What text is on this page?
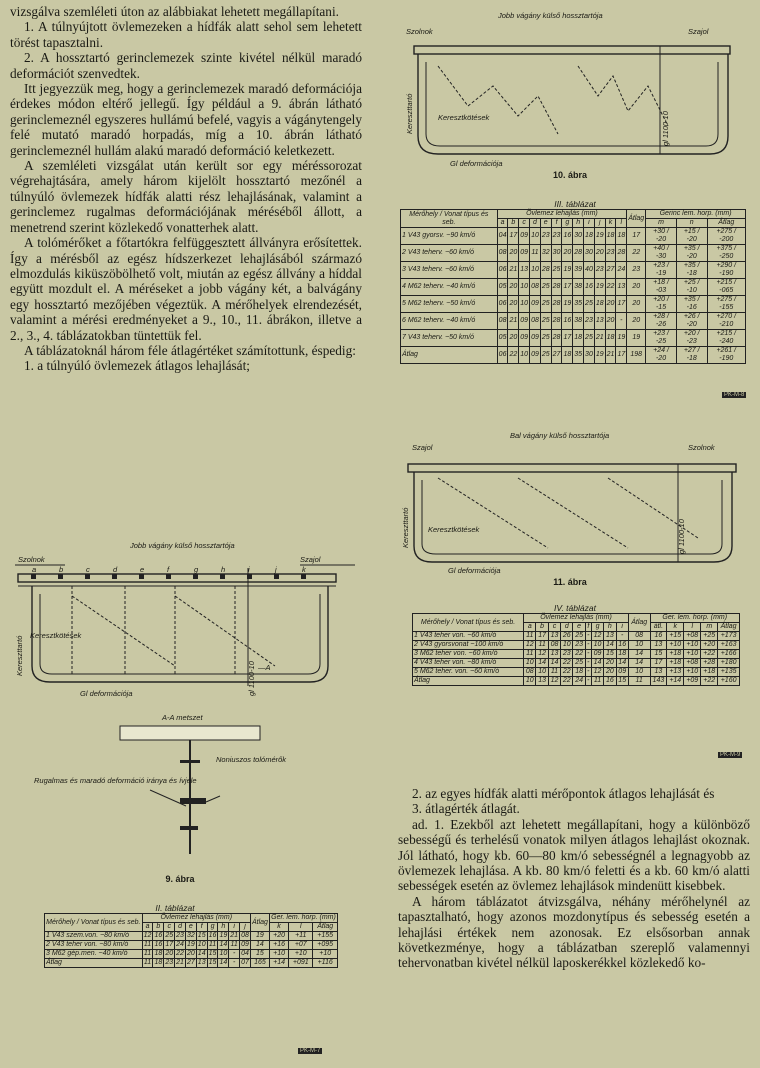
vizsgálva szemléleti úton az alábbiakat lehetett megállapítani.

1. A túlnyújtott övlemezeken a hídfák alatt sehol sem lehetett törést tapasztalni.

2. A hossztartó gerinclemezek szinte kivétel nélkül maradó deformációt szenvedtek.

Itt jegyezzük meg, hogy a gerinclemezek maradó deformációja érdekes módon eltérő jellegű. Így például a 9. ábrán látható gerinclemeznél egyszeres hullámú befelé, vagyis a vágánytengely felé mutató maradó horpadás, míg a 10. ábrán látható gerinclemeznél hullám alakú maradó deformáció keletkezett.

A szemléleti vizsgálat után került sor egy méréssorozat végrehajtására, amely három kijelölt hossztartó mezőnél a túlnyúló övlemezek hídfák alatti rész lehajlásának, valamint a gerinclemez rugalmas deformációjának méréséből állott, a menetrend szerint közlekedő vonatterhek alatt.

A tolómérőket a főtartókra felfüggesztett állványra erősítettek. Így a mérésből az egész hídszerkezet lehajlásából származó elmozdulás kiküszöbölhető volt, miután az egész állvány a híddal együtt mozdult el. A méréseket a jobb vágány két, a balvágány egy hossztartó mezőjében végeztük. A mérőhelyek elrendezését, valamint a mérési eredményeket a 9., 10., 11. ábrákon, illetve a 2., 3., 4. táblázatokban tüntettük fel.

A táblázatoknál három féle átlagértéket számítottunk, éspedig:

1. a túlnyúló övlemezek átlagos lehajlását;

Jobb vágány külső hossztartója
Szolnok	Szajol
a	b	c	d	e	f	g	h	i	j	k
gl 1100-10
Kereszttartó
Keresztkötések
Gl deformációja
—A
A-A metszet
Noniuszos tolómérők
Rugalmas és maradó deformáció iránya és ívjele
9. ábra
II. táblázat
Mérőhely / Vonat típus és seb.	Övlemez lehajlás (mm)										Átlag	Ger. lem. horp. (mm)		
	a	b	c	d	e	f	g	h	i	j		k	l	Átlag
1 V43 szem.von. ~80 km/ó	12	16	25	23	32	15	16	19	21	08	19	+20	+11	+155
2 V43 teher von. ~80 km/ó	11	16	17	24	19	10	11	14	11	09	14	+16	+07	+095
3 M62 gép.men. ~40 km/ó	11	18	20	22	20	14	15	10	-	04	15	+10	+10	+10
Átlag	11	18	23	21	27	13	15	14	-	07	165	+14	+091	+116
PK-M-7
Jobb vágány külső hossztartója
Szolnok	Szajol
gl 1100-10
Kereszttartó	Keresztkötések
Gl deformációja
10. ábra
III. táblázat
Mérőhely / Vonat típus és seb.	Övlemez lehajlás (mm)												Átlag	Gerinc lem. horp. (mm)		
	a	b	c	d	e	f	g	h	i	j	k	l		m	n	Átlag
1 V43 gyorsv. ~90 km/ó	04	17	09	10	23	23	16	30	18	19	18	18	17	+30 / -20	+15 / -20	+275 / -200
2 V43 teherv. ~60 km/ó	08	20	09	11	32	30	20	28	30	20	23	28	22	+40 / -30	+35 / -20	+375 / -250
3 V43 teherv. ~60 km/ó	06	21	13	10	28	25	19	39	40	23	27	24	23	+23 / -19	+35 / -18	+290 / -190
4 M62 teherv. ~40 km/ó	05	20	10	08	25	28	17	38	16	19	22	13	20	+18 / -03	+25 / -10	+215 / -065
5 M62 teherv. ~50 km/ó	06	20	10	09	25	28	19	35	25	18	20	17	20	+20 / -15	+35 / -16	+275 / -155
6 M62 teherv. ~40 km/ó	08	21	09	08	25	28	16	38	23	13	20	-	20	+28 / -26	+26 / -20	+270 / -210
7 V43 teherv. ~50 km/ó	05	20	09	09	25	28	17	18	25	21	18	19	19	+23 / -25	+20 / -23	+215 / -240
Átlag	06	22	10	09	25	27	18	35	30	19	21	17	198	+24 / -20	+27 / -18	+261 / -190
PK-M-8
Bal vágány külső hossztartója
Szajol	Szolnok
gl 1100-10
Kereszttartó Keresztkötések
Gl deformációja
11. ábra
IV. táblázat
Mérőhely / Vonat típus és seb.	Övlemez lehajlás (mm)									Átlag	Ger. lem. horp. (mm)				
	a	b	c	d	e	f	g	h	i		átl.	k	l	m	Átlag
1 V43 teher von. ~60 km/ó	11	17	13	26	25	-	12	13	-	08	16	+15	+08	+25	+173
2 V43 gyorsvonat ~100 km/ó	12	11	08	10	23	-	10	14	16	10	13	+10	+10	+20	+163
3 M62 teher von. ~60 km/ó	11	12	13	23	22	-	09	15	18	14	15	+18	+10	+22	+166
4 V43 teher von. ~80 km/ó	10	14	14	22	25	-	14	20	14	14	17	+18	+08	+28	+180
5 M62 teher. von. ~60 km/ó	08	10	11	22	18	-	12	20	09	10	13	+13	+10	+18	+135
Átlag	10	13	12	22	24	-	11	16	15	11	143	+14	+09	+22	+160
PK-M-9

2. az egyes hídfák alatti mérőpontok átlagos lehajlását és

3. átlagérték átlagát.

ad. 1. Ezekből azt lehetett megállapítani, hogy a különböző sebességű és terhelésű vonatok milyen átlagos lehajlást okoznak. Jól látható, hogy kb. 60—80 km/ó sebességnél a legnagyobb az övlemezek lehajlása. A kb. 80 km/ó feletti és a kb. 60 km/ó alatti sebességek esetén az övlemez lehajlások mindenütt kisebbek.

A három táblázatot átvizsgálva, néhány mérőhelynél az tapasztalható, hogy azonos mozdonytípus és sebesség esetén a lehajlási értékek nem azonosak. Ez elsősorban annak következménye, hogy a táblázatban szereplő valamennyi tehervonatban kivétel nélkül laposkerékkel közlekedő ko-
